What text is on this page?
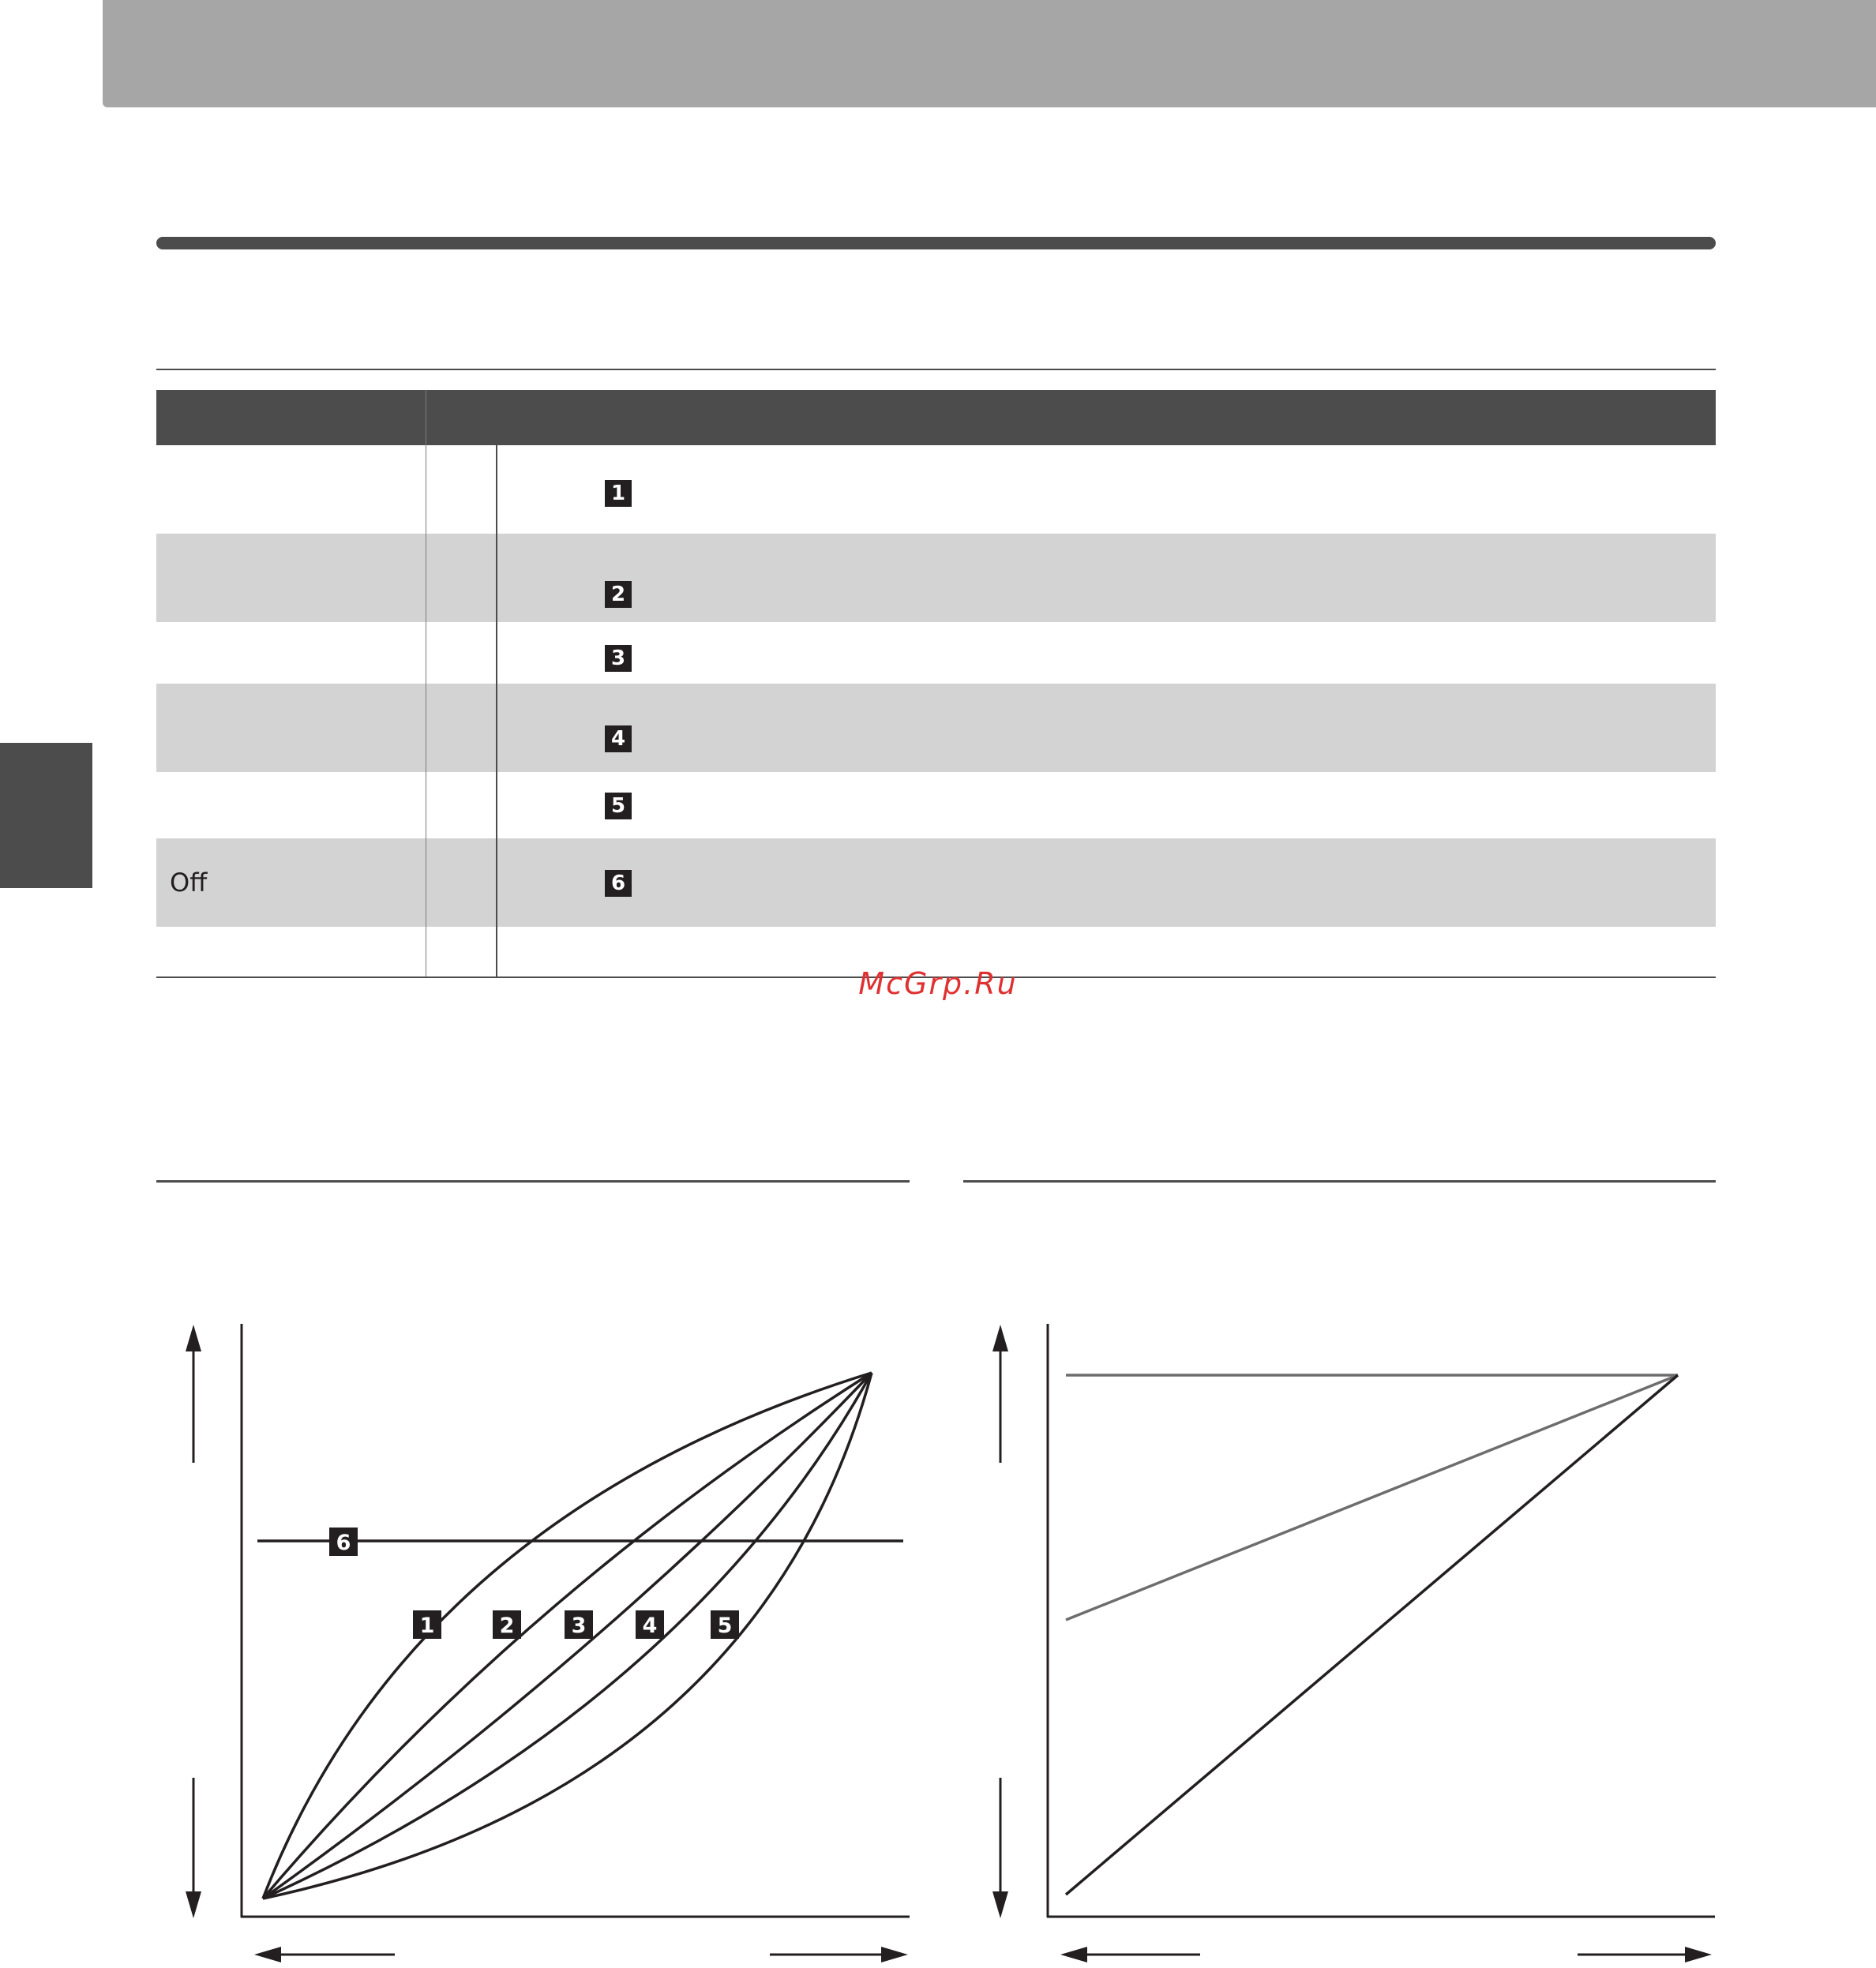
1
2
3
4
5
Off	6
McGrp.Ru
6
1	2	3	4	5
